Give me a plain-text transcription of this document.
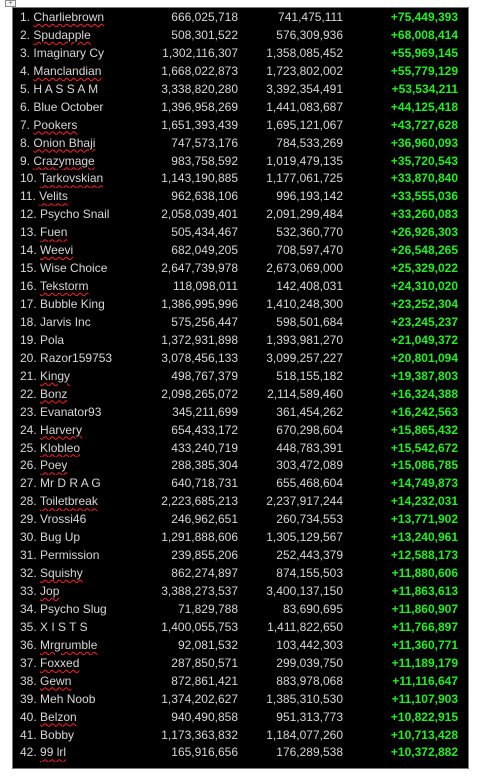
+
1. Charliebrown	666,025,718	741,475,111	+75,449,393
2. Spudapple	508,301,522	576,309,936	+68,008,414
3. Imaginary Cy	1,302,116,307 1,358,085,452	+55,969,145
4. Manclandian	1,668,022,873 1,723,802,002	+55,779,129
5. H A S S A M	3,338,820,280 3,392,354,491	+53,534,211
6. Blue October	1,396,958,269 1,441,083,687	+44,125,418
7. Pookers	1,651,393,439 1,695,121,067	+43,727,628
8. Onion Bhaji	747,573,176	784,533,269	+36,960,093
9. Crazymage	983,758,592 1,019,479,135	+35,720,543
10. Tarkovskian	1,143,190,885 1,177,061,725	+33,870,840
11. Velits	962,638,106	996,193,142	+33,555,036
12. Psycho Snail	2,058,039,401 2,091,299,484	+33,260,083
13. Fuen	505,434,467	532,360,770	+26,926,303
14. Weevi	682,049,205	708,597,470	+26,548,265
15. Wise Choice	2,647,739,978 2,673,069,000	+25,329,022
16. Tekstorm	118,098,011	142,408,031	+24,310,020
17. Bubble King	1,386,995,996 1,410,248,300	+23,252,304
18. Jarvis Inc	575,256,447	598,501,684	+23,245,237
19. Pola	1,372,931,898 1,393,981,270	+21,049,372
20. Razor159753	3,078,456,133 3,099,257,227	+20,801,094
21. Kingy	498,767,379	518,155,182	+19,387,803
22. Bonz	2,098,265,072 2,114,589,460	+16,324,388
23. Evanator93	345,211,699	361,454,262	+16,242,563
24. Harvery	654,433,172	670,298,604	+15,865,432
25. Klobleo	433,240,719	448,783,391	+15,542,672
26. Poey	288,385,304	303,472,089	+15,086,785
27. Mr D R A G	640,718,731	655,468,604	+14,749,873
28. Toiletbreak	2,223,685,213 2,237,917,244	+14,232,031
29. Vrossi46	246,962,651	260,734,553	+13,771,902
30. Bug Up	1,291,888,606 1,305,129,567	+13,240,961
31. Permission	239,855,206	252,443,379	+12,588,173
32. Squishy	862,274,897	874,155,503	+11,880,606
33. Jop	3,388,273,537 3,400,137,150	+11,863,613
34. Psycho Slug	71,829,788	83,690,695	+11,860,907
35. X I S T S	1,400,055,753 1,411,822,650	+11,766,897
36. Mrgrumble	92,081,532	103,442,303	+11,360,771
37. Foxxed	287,850,571	299,039,750	+11,189,179
38. Gewn	872,861,421	883,978,068	+11,116,647
39. Meh Noob	1,374,202,627 1,385,310,530	+11,107,903
40. Belzon	940,490,858	951,313,773	+10,822,915
41. Bobby	1,173,363,832 1,184,077,260	+10,713,428
42. 99 lrl	165,916,656	176,289,538	+10,372,882
